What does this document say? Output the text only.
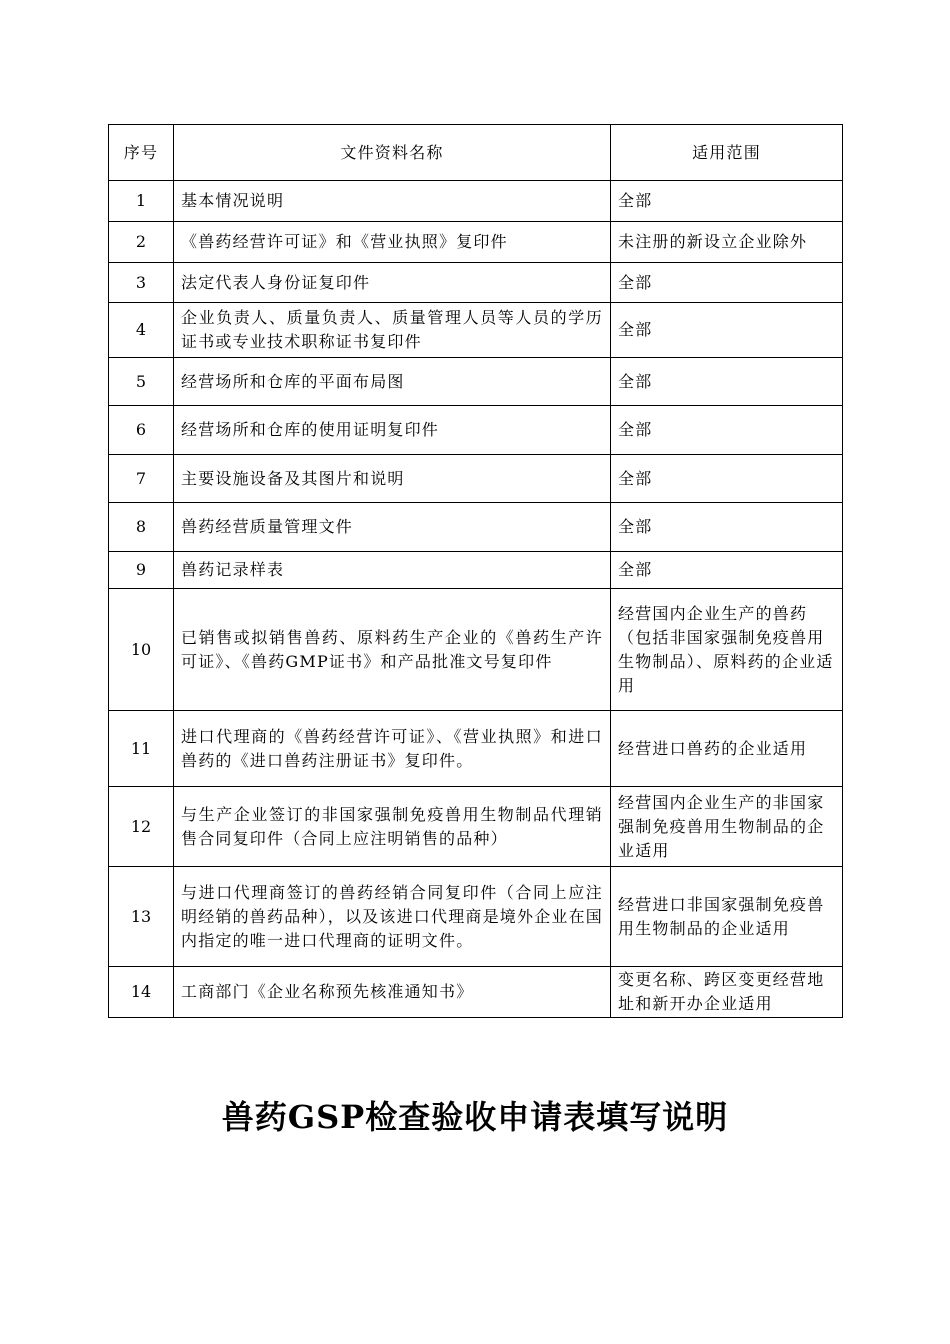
序号	文件资料名称	适用范围
1	基本情况说明	全部
2	《兽药经营许可证》和《营业执照》复印件	未注册的新设立企业除外
3	法定代表人身份证复印件	全部
4	企业负责人、质量负责人、质量管理人员等人员的学历证书或专业技术职称证书复印件	全部
5	经营场所和仓库的平面布局图	全部
6	经营场所和仓库的使用证明复印件	全部
7	主要设施设备及其图片和说明	全部
8	兽药经营质量管理文件	全部
9	兽药记录样表	全部
10	已销售或拟销售兽药、原料药生产企业的《兽药生产许可证》、《兽药GMP证书》和产品批准文号复印件	经营国内企业生产的兽药（包括非国家强制免疫兽用生物制品）、原料药的企业适用
11	进口代理商的《兽药经营许可证》、《营业执照》和进口兽药的《进口兽药注册证书》复印件。	经营进口兽药的企业适用
12	与生产企业签订的非国家强制免疫兽用生物制品代理销售合同复印件（合同上应注明销售的品种）	经营国内企业生产的非国家强制免疫兽用生物制品的企业适用
13	与进口代理商签订的兽药经销合同复印件（合同上应注明经销的兽药品种），以及该进口代理商是境外企业在国内指定的唯一进口代理商的证明文件。	经营进口非国家强制免疫兽用生物制品的企业适用
14	工商部门《企业名称预先核准通知书》	变更名称、跨区变更经营地址和新开办企业适用
兽药GSP检查验收申请表填写说明
